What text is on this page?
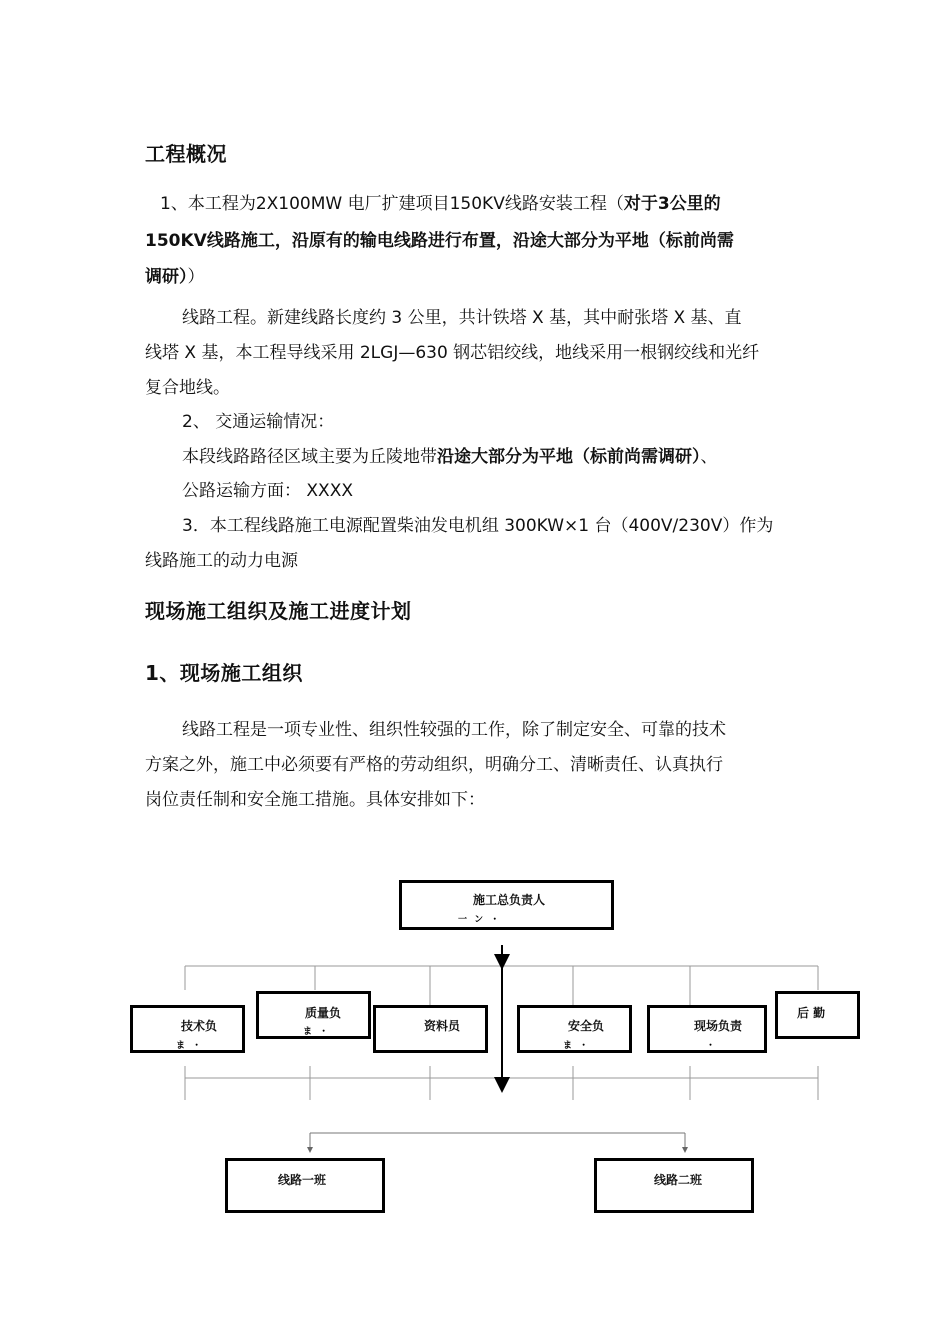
工程概况
1、本工程为2X100MW 电厂扩建项目150KV线路安装工程（对于3公里的
150KV线路施工，沿原有的输电线路进行布置，沿途大部分为平地（标前尚需
调研））
线路工程。新建线路长度约 3 公里，共计铁塔 X 基，其中耐张塔 X 基、直
线塔 X 基，本工程导线采用 2LGJ—630 钢芯铝绞线，地线采用一根钢绞线和光纤
复合地线。
2、 交通运输情况：
本段线路路径区域主要为丘陵地带沿途大部分为平地（标前尚需调研）、
公路运输方面： XXXX
3．本工程线路施工电源配置柴油发电机组 300KW×1 台（400V/230V）作为
线路施工的动力电源
现场施工组织及施工进度计划
1、现场施工组织
线路工程是一项专业性、组织性较强的工作，除了制定安全、可靠的技术
方案之外，施工中必须要有严格的劳动组织，明确分工、清晰责任、认真执行
岗位责任制和安全施工措施。具体安排如下：
施工总负责人
一 ン ・
技术负
ま ・
质量负
ま ・	资料员	安全负
ま ・
现场负责
・
后 勤
线路一班	线路二班
